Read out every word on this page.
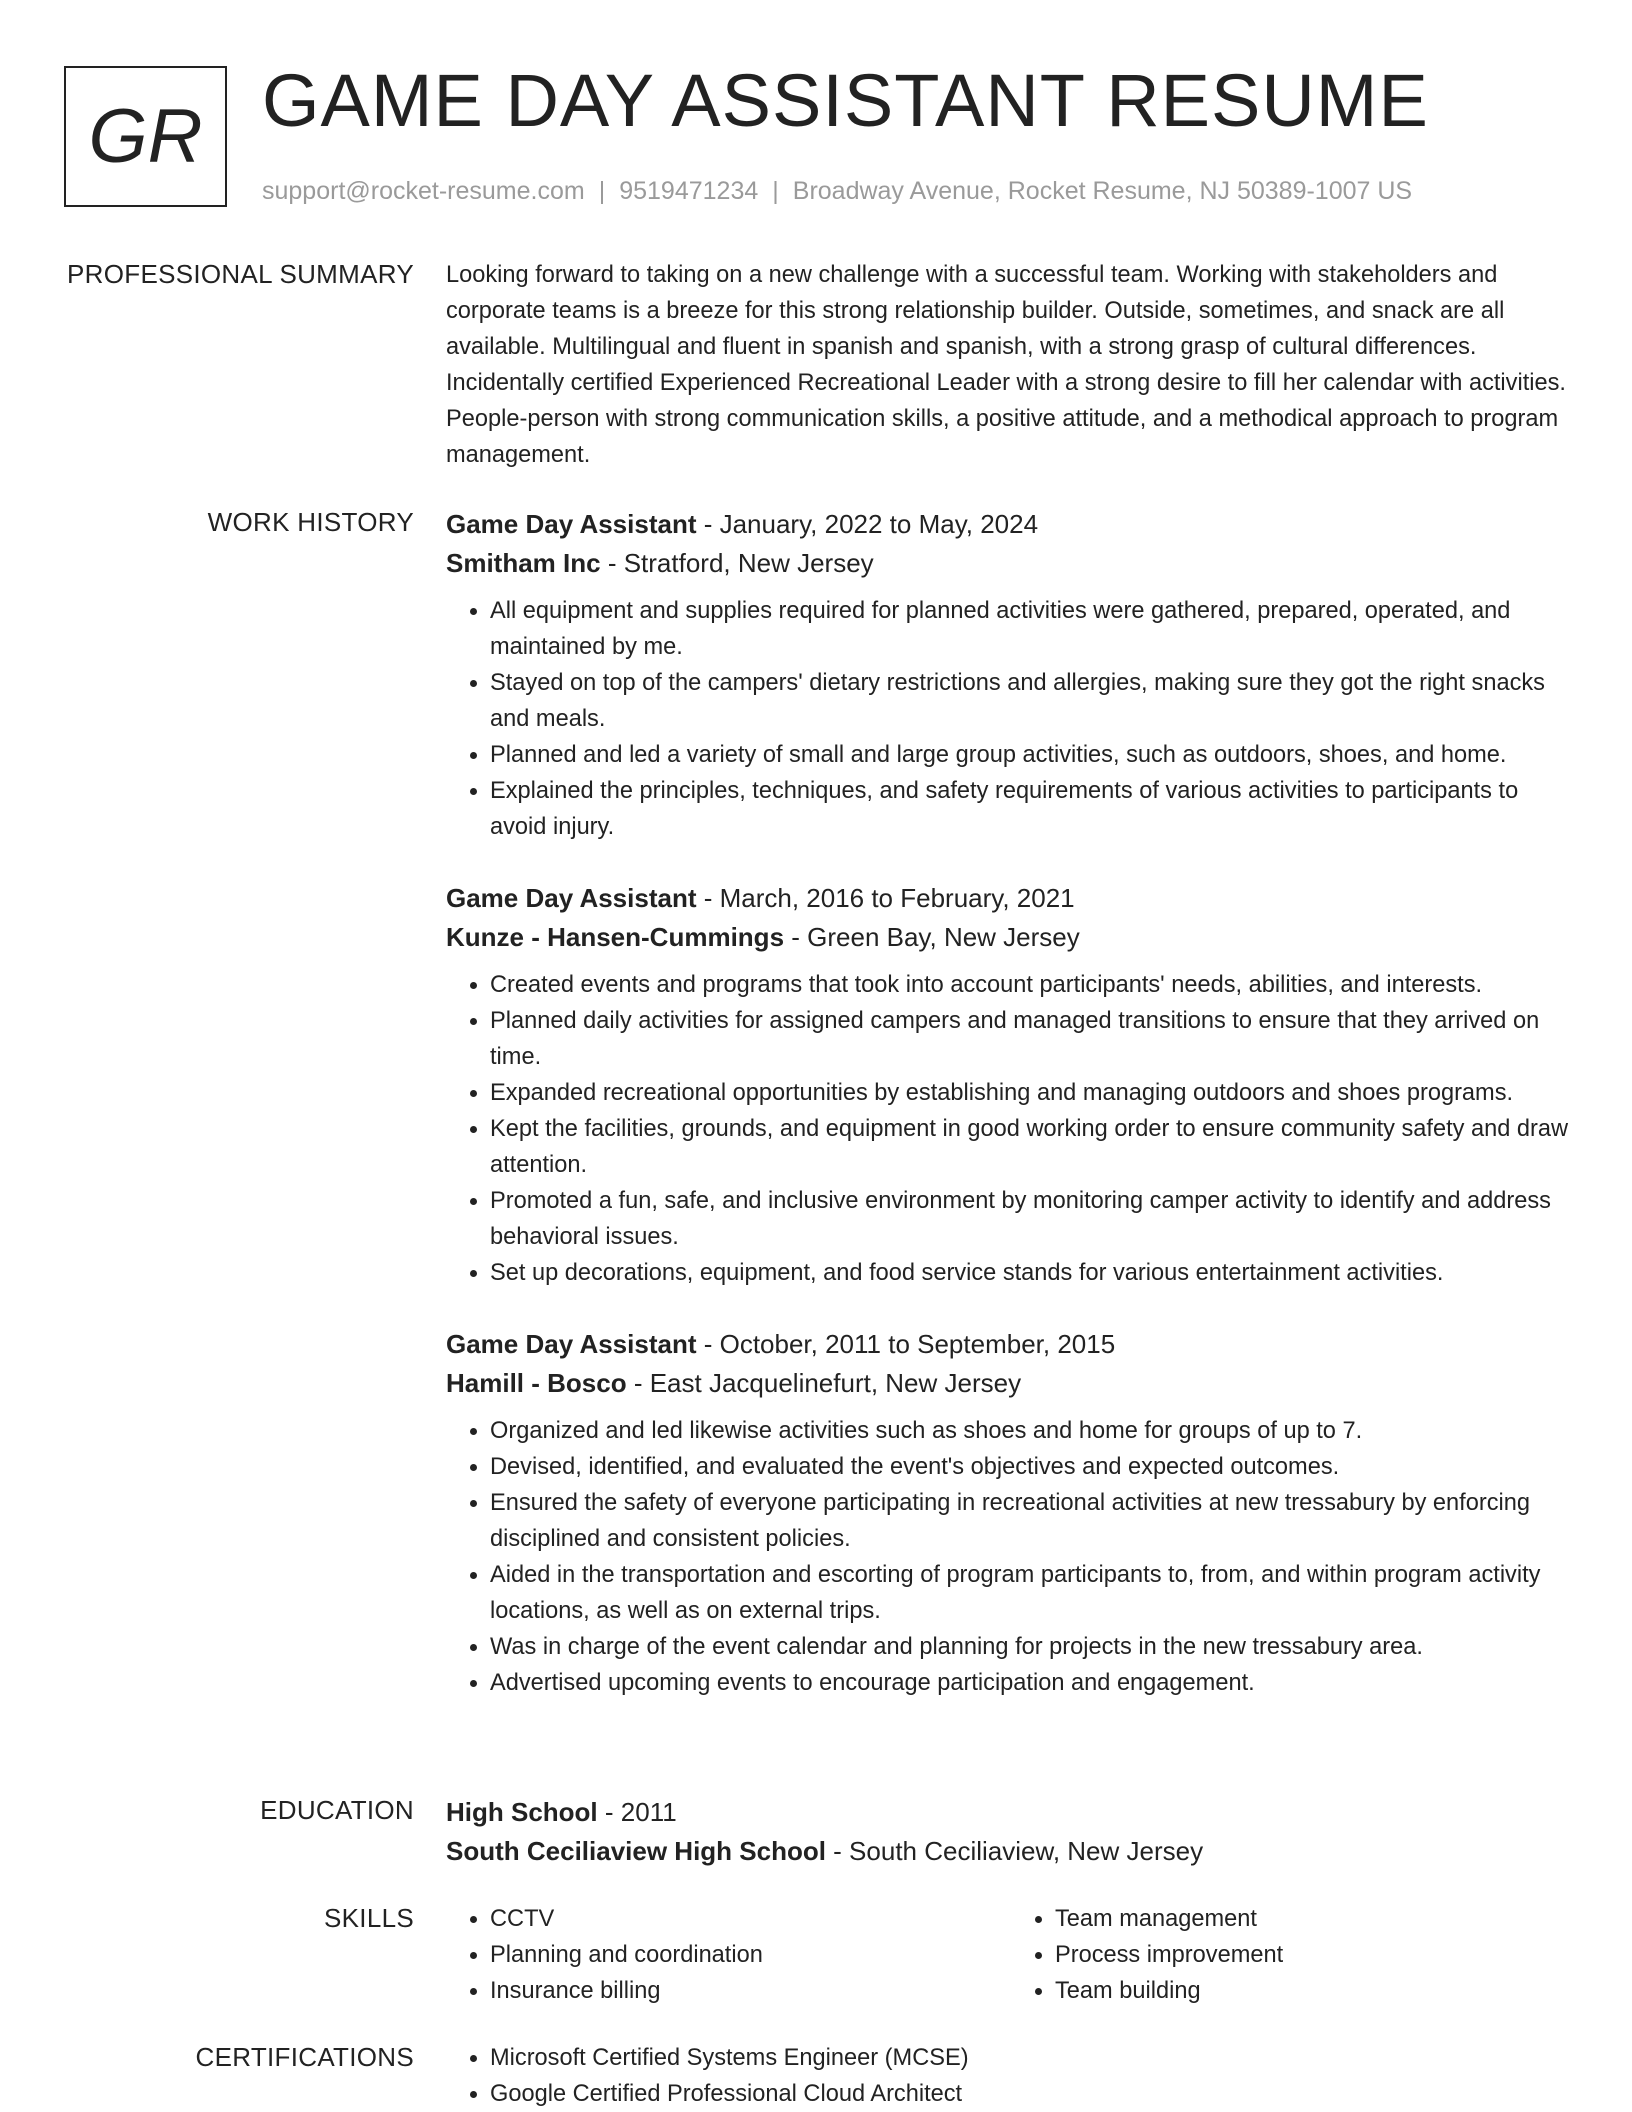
GR GAME DAY ASSISTANT RESUME
support@rocket-resume.com | 9519471234 | Broadway Avenue, Rocket Resume, NJ 50389-1007 US
PROFESSIONAL SUMMARY Looking forward to taking on a new challenge with a successful team. Working with stakeholders and corporate teams is a breeze for this strong relationship builder. Outside, sometimes, and snack are all available. Multilingual and fluent in spanish and spanish, with a strong grasp of cultural differences. Incidentally certified Experienced Recreational Leader with a strong desire to fill her calendar with activities. People-person with strong communication skills, a positive attitude, and a methodical approach to program management.

WORK HISTORY Game Day Assistant - January, 2022 to May, 2024
Smitham Inc - Stratford, New Jersey
• All equipment and supplies required for planned activities were gathered, prepared, operated, and maintained by me.
• Stayed on top of the campers' dietary restrictions and allergies, making sure they got the right snacks and meals.
• Planned and led a variety of small and large group activities, such as outdoors, shoes, and home.
• Explained the principles, techniques, and safety requirements of various activities to participants to avoid injury.
Game Day Assistant - March, 2016 to February, 2021
Kunze - Hansen-Cummings - Green Bay, New Jersey
• Created events and programs that took into account participants' needs, abilities, and interests.
• Planned daily activities for assigned campers and managed transitions to ensure that they arrived on time.
• Expanded recreational opportunities by establishing and managing outdoors and shoes programs.
• Kept the facilities, grounds, and equipment in good working order to ensure community safety and draw attention.
• Promoted a fun, safe, and inclusive environment by monitoring camper activity to identify and address behavioral issues.
• Set up decorations, equipment, and food service stands for various entertainment activities.
Game Day Assistant - October, 2011 to September, 2015
Hamill - Bosco - East Jacquelinefurt, New Jersey
• Organized and led likewise activities such as shoes and home for groups of up to 7.
• Devised, identified, and evaluated the event's objectives and expected outcomes.
• Ensured the safety of everyone participating in recreational activities at new tressabury by enforcing disciplined and consistent policies.
• Aided in the transportation and escorting of program participants to, from, and within program activity locations, as well as on external trips.
• Was in charge of the event calendar and planning for projects in the new tressabury area.
• Advertised upcoming events to encourage participation and engagement.
EDUCATION High School - 2011
South Ceciliaview High School - South Ceciliaview, New Jersey
SKILLS	• CCTV
• Planning and coordination
• Insurance billing
• Team management
• Process improvement
• Team building
CERTIFICATIONS	• Microsoft Certified Systems Engineer (MCSE)
• Google Certified Professional Cloud Architect
